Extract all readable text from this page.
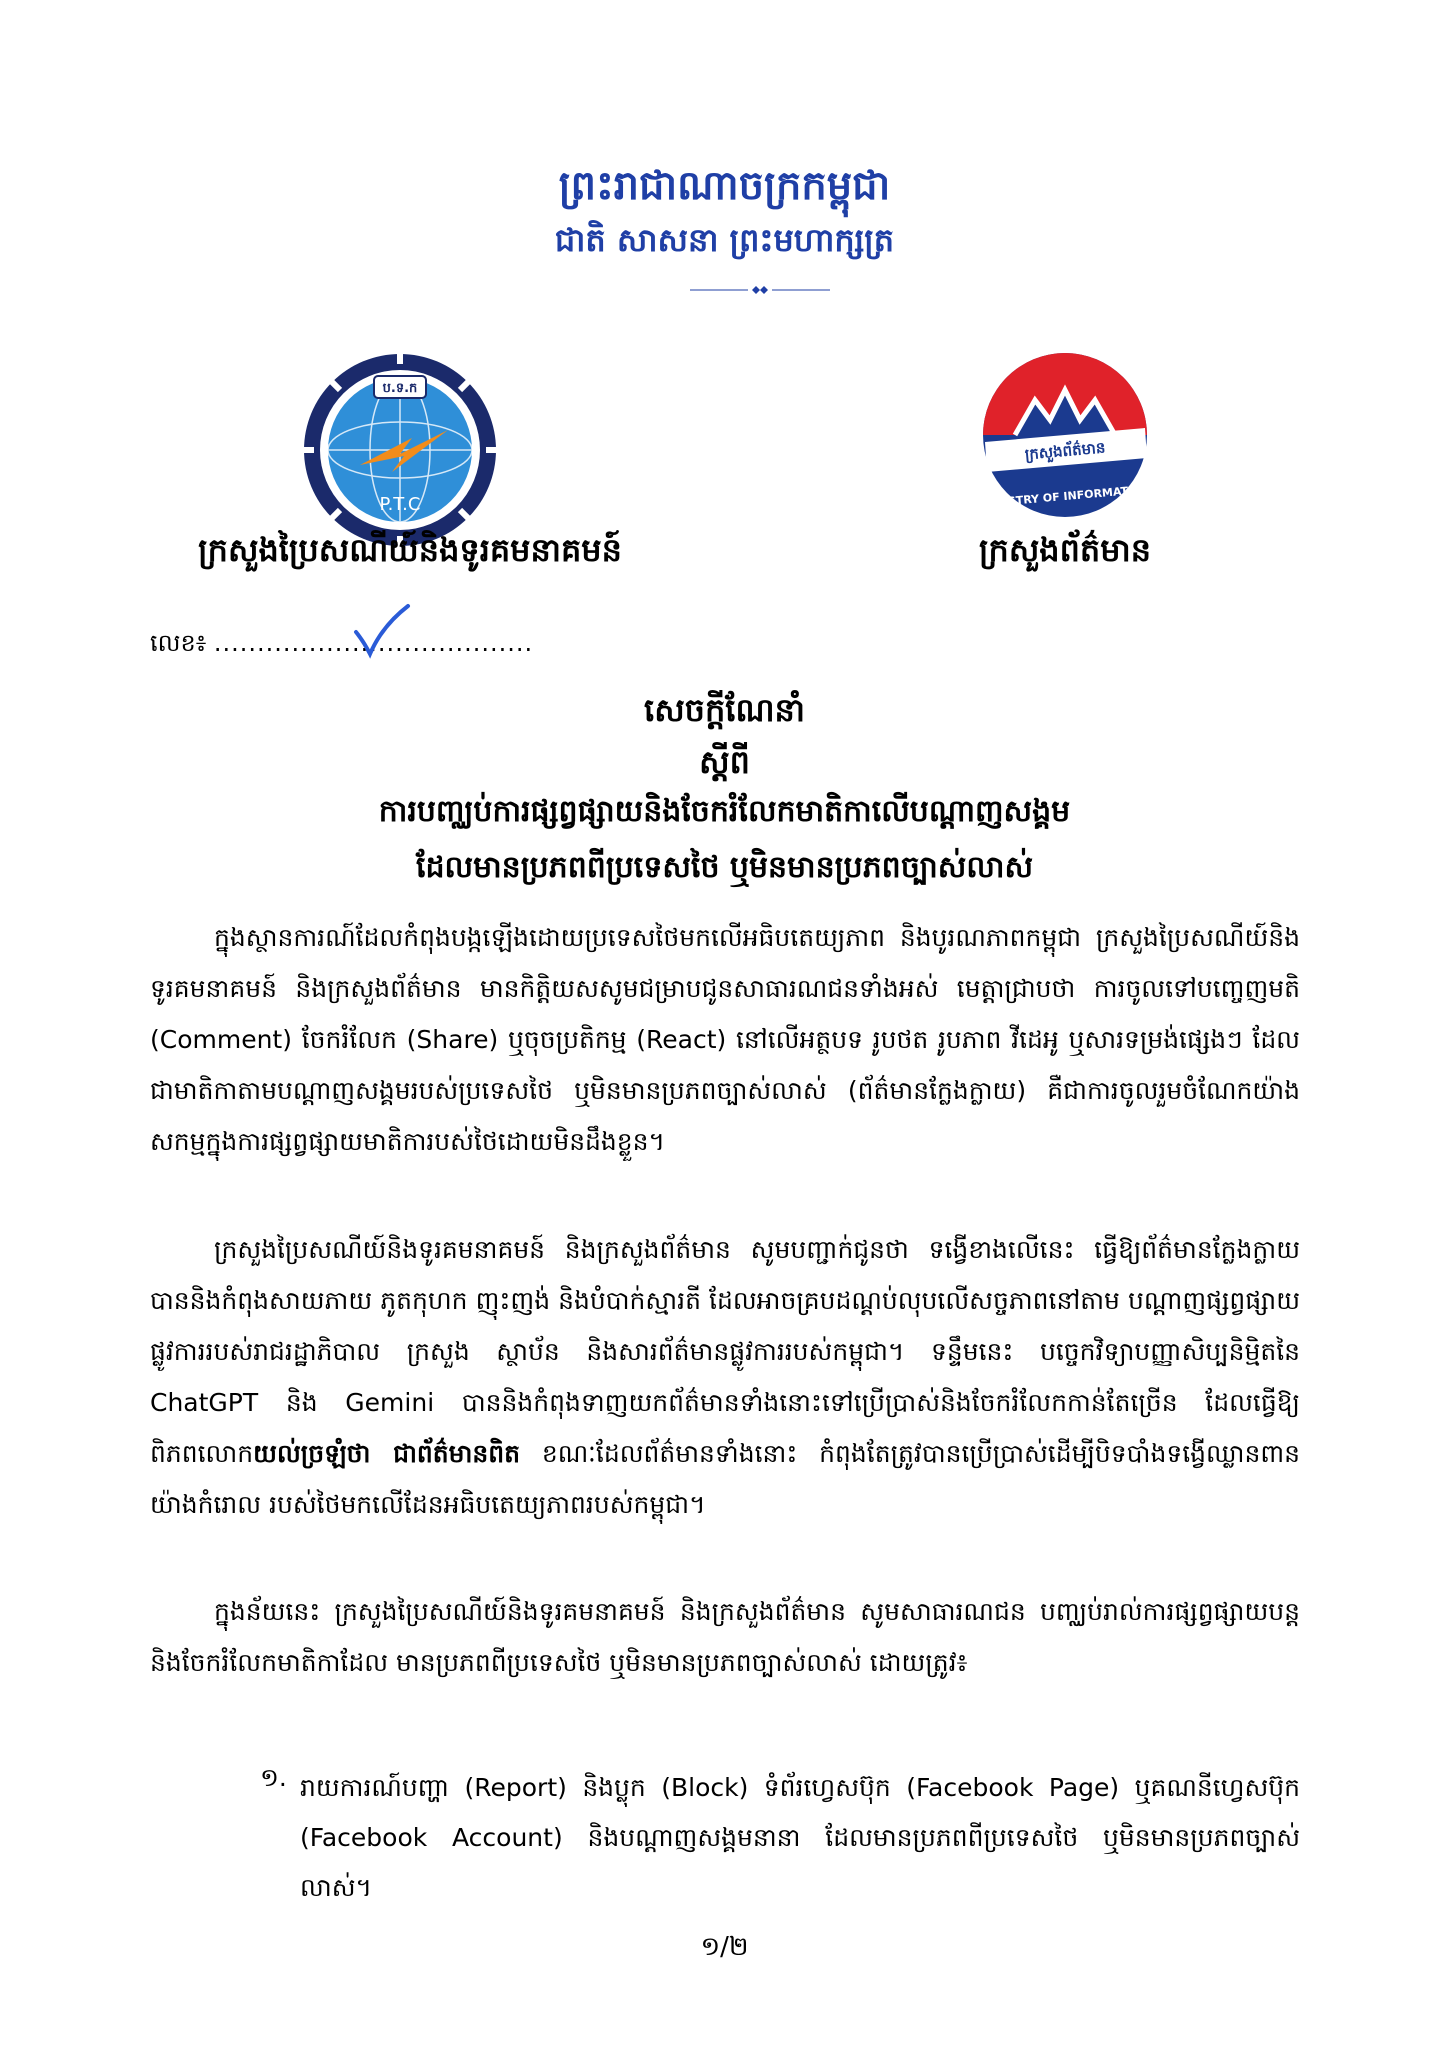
ព្រះរាជាណាចក្រកម្ពុជា
ជាតិ សាសនា ព្រះមហាក្សត្រ
ប.ទ.ក
P.T.C
ក្រសួងព័ត៌មាន
MINISTRY OF INFORMATION
ក្រសួងប្រៃសណីយ៍និងទូរគមនាគមន៍	ក្រសួងព័ត៌មាន
លេខ៖ .....................................
សេចក្តីណែនាំ
ស្តីពី
ការបញ្ឈប់ការផ្សព្វផ្សាយនិងចែករំលែកមាតិកាលើបណ្តាញសង្គម
ដែលមានប្រភពពីប្រទេសថៃ ឬមិនមានប្រភពច្បាស់លាស់

ក្នុងស្ថានការណ៍ដែលកំពុងបង្កឡើងដោយប្រទេសថៃមកលើអធិបតេយ្យភាព និងបូរណភាពកម្ពុជា ក្រសួងប្រៃសណីយ៍និងទូរគមនាគមន៍ និងក្រសួងព័ត៌មាន មានកិត្តិយសសូមជម្រាបជូនសាធារណជនទាំងអស់ មេត្តាជ្រាបថា ការចូលទៅបញ្ចេញមតិ (Comment) ចែករំលែក (Share) ឬចុចប្រតិកម្ម (React) នៅលើអត្ថបទ រូបថត រូបភាព វីដេអូ ឬសារទម្រង់ផ្សេងៗ ដែលជាមាតិកាតាមបណ្តាញសង្គមរបស់ប្រទេសថៃ ឬមិនមានប្រភពច្បាស់លាស់ (ព័ត៌មានក្លែងក្លាយ) គឺជាការចូលរួមចំណែកយ៉ាងសកម្មក្នុងការផ្សព្វផ្សាយមាតិការបស់ថៃដោយមិនដឹងខ្លួន។

ក្រសួងប្រៃសណីយ៍និងទូរគមនាគមន៍ និងក្រសួងព័ត៌មាន សូមបញ្ជាក់ជូនថា ទង្វើខាងលើនេះ ធ្វើឱ្យព័ត៌មានក្លែងក្លាយ បាននិងកំពុងសាយភាយ ភូតកុហក ញុះញង់ និងបំបាក់ស្មារតី ដែលអាចគ្របដណ្តប់លុបលើសច្ចភាពនៅតាម បណ្តាញផ្សព្វផ្សាយផ្លូវការរបស់រាជរដ្ឋាភិបាល ក្រសួង ស្ថាប័ន និងសារព័ត៌មានផ្លូវការរបស់កម្ពុជា។ ទន្ទឹមនេះ បច្ចេកវិទ្យាបញ្ញាសិប្បនិម្មិតនៃ ChatGPT និង Gemini បាននិងកំពុងទាញយកព័ត៌មានទាំងនោះទៅប្រើប្រាស់និងចែករំលែកកាន់តែច្រើន ដែលធ្វើឱ្យពិភពលោកយល់ច្រឡំថា ជាព័ត៌មានពិត ខណៈដែលព័ត៌មានទាំងនោះ កំពុងតែត្រូវបានប្រើប្រាស់ដើម្បីបិទបាំងទង្វើឈ្លានពានយ៉ាងកំរោល របស់ថៃមកលើដែនអធិបតេយ្យភាពរបស់កម្ពុជា។

ក្នុងន័យនេះ ក្រសួងប្រៃសណីយ៍និងទូរគមនាគមន៍ និងក្រសួងព័ត៌មាន សូមសាធារណជន បញ្ឈប់រាល់ការផ្សព្វផ្សាយបន្តនិងចែករំលែកមាតិកាដែល មានប្រភពពីប្រទេសថៃ ឬមិនមានប្រភពច្បាស់លាស់ ដោយត្រូវ៖

១. រាយការណ៍បញ្ហា (Report) និងប្លុក (Block) ទំព័រហ្វេសប៊ុក (Facebook Page) ឬគណនីហ្វេសប៊ុក (Facebook Account) និងបណ្តាញសង្គមនានា ដែលមានប្រភពពីប្រទេសថៃ ឬមិនមានប្រភពច្បាស់លាស់។

១/២
